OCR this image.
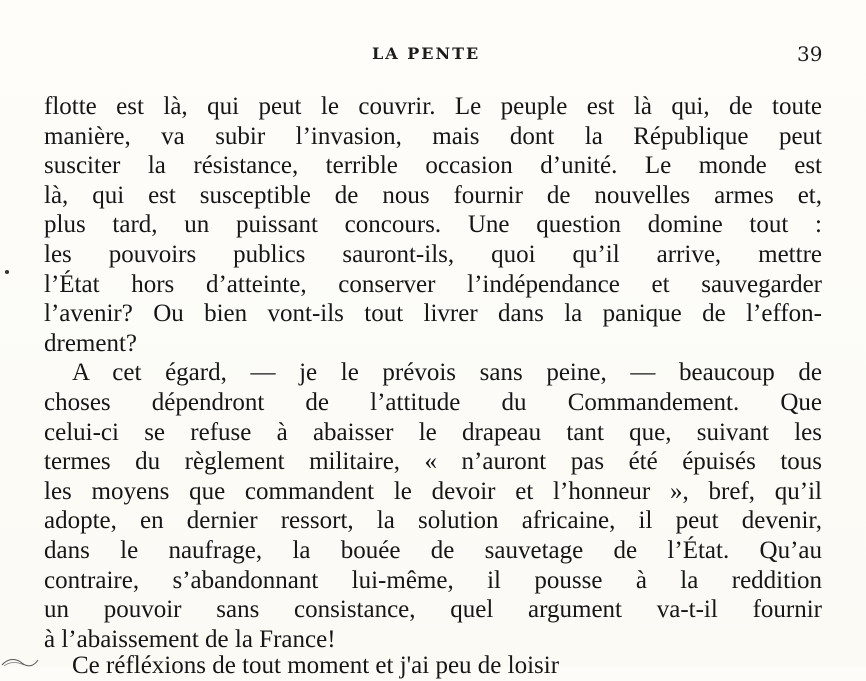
LA PENTE	39
flotte est là, qui peut le couvrir. Le peuple est là qui, de toute
manière, va subir l’invasion, mais dont la République peut
susciter la résistance, terrible occasion d’unité. Le monde est
là, qui est susceptible de nous fournir de nouvelles armes et,
plus tard, un puissant concours. Une question domine tout :
les pouvoirs publics sauront-ils, quoi qu’il arrive, mettre
l’État hors d’atteinte, conserver l’indépendance et sauvegarder
l’avenir? Ou bien vont-ils tout livrer dans la panique de l’effon-
drement?
A cet égard, — je le prévois sans peine, — beaucoup de
choses dépendront de l’attitude du Commandement. Que
celui-ci se refuse à abaisser le drapeau tant que, suivant les
termes du règlement militaire, « n’auront pas été épuisés tous
les moyens que commandent le devoir et l’honneur », bref, qu’il
adopte, en dernier ressort, la solution africaine, il peut devenir,
dans le naufrage, la bouée de sauvetage de l’État. Qu’au
contraire, s’abandonnant lui-même, il pousse à la reddition
un pouvoir sans consistance, quel argument va-t-il fournir
à l’abaissement de la France!
Ce réfléxions de tout moment et j'ai peu de loisir
